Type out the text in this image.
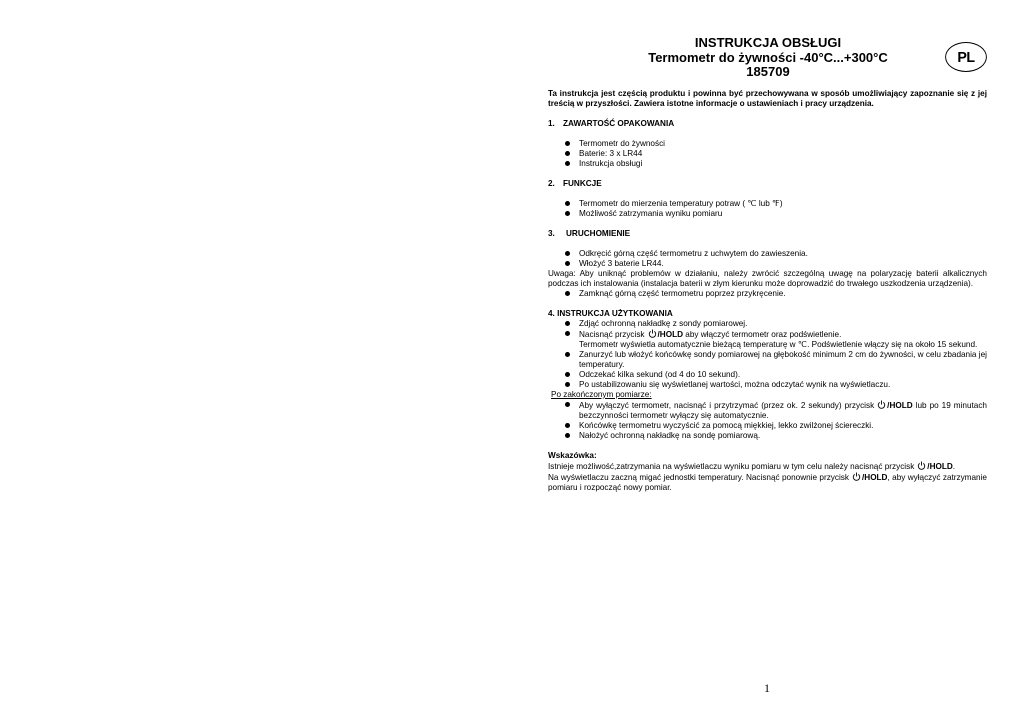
INSTRUKCJA OBSŁUGI
Termometr do żywności -40°C...+300°C
185709
PL
Ta instrukcja jest częścią produktu i powinna być przechowywana w sposób umożliwiający zapoznanie się z jej treścią w przyszłości. Zawiera istotne informacje o ustawieniach i pracy urządzenia.
1. ZAWARTOŚĆ OPAKOWANIA
Termometr do żywności
Baterie: 3 x LR44
Instrukcja obsługi
2. FUNKCJE
Termometr do mierzenia temperatury potraw ( ℃ lub ℉)
Możliwość zatrzymania wyniku pomiaru
3. URUCHOMIENIE
Odkręcić górną część termometru z uchwytem do zawieszenia.
Włożyć 3 baterie LR44.
Uwaga: Aby uniknąć problemów w działaniu, należy zwrócić szczególną uwagę na polaryzację baterii alkalicznych podczas ich instalowania (instalacja baterii w złym kierunku może doprowadzić do trwałego uszkodzenia urządzenia).
Zamknąć górną część termometru poprzez przykręcenie.
4. INSTRUKCJA UŻYTKOWANIA
Zdjąć ochronną nakładkę z sondy pomiarowej.
Nacisnąć przycisk /HOLD aby włączyć termometr oraz podświetlenie.
Termometr wyświetla automatycznie bieżącą temperaturę w ℃. Podświetlenie włączy się na około 15 sekund.
Zanurzyć lub włożyć końcówkę sondy pomiarowej na głębokość minimum 2 cm do żywności, w celu zbadania jej temperatury.
Odczekać kilka sekund (od 4 do 10 sekund).
Po ustabilizowaniu się wyświetlanej wartości, można odczytać wynik na wyświetlaczu.
Po zakończonym pomiarze:
Aby wyłączyć termometr, nacisnąć i przytrzymać (przez ok. 2 sekundy) przycisk /HOLD lub po 19 minutach bezczynności termometr wyłączy się automatycznie.
Końcówkę termometru wyczyścić za pomocą miękkiej, lekko zwilżonej ściereczki.
Nałożyć ochronną nakładkę na sondę pomiarową.
Wskazówka:
Istnieje możliwość,zatrzymania na wyświetlaczu wyniku pomiaru w tym celu należy nacisnąć przycisk /HOLD.
Na wyświetlaczu zaczną migać jednostki temperatury. Nacisnąć ponownie przycisk /HOLD, aby wyłączyć zatrzymanie pomiaru i rozpocząć nowy pomiar.
1
